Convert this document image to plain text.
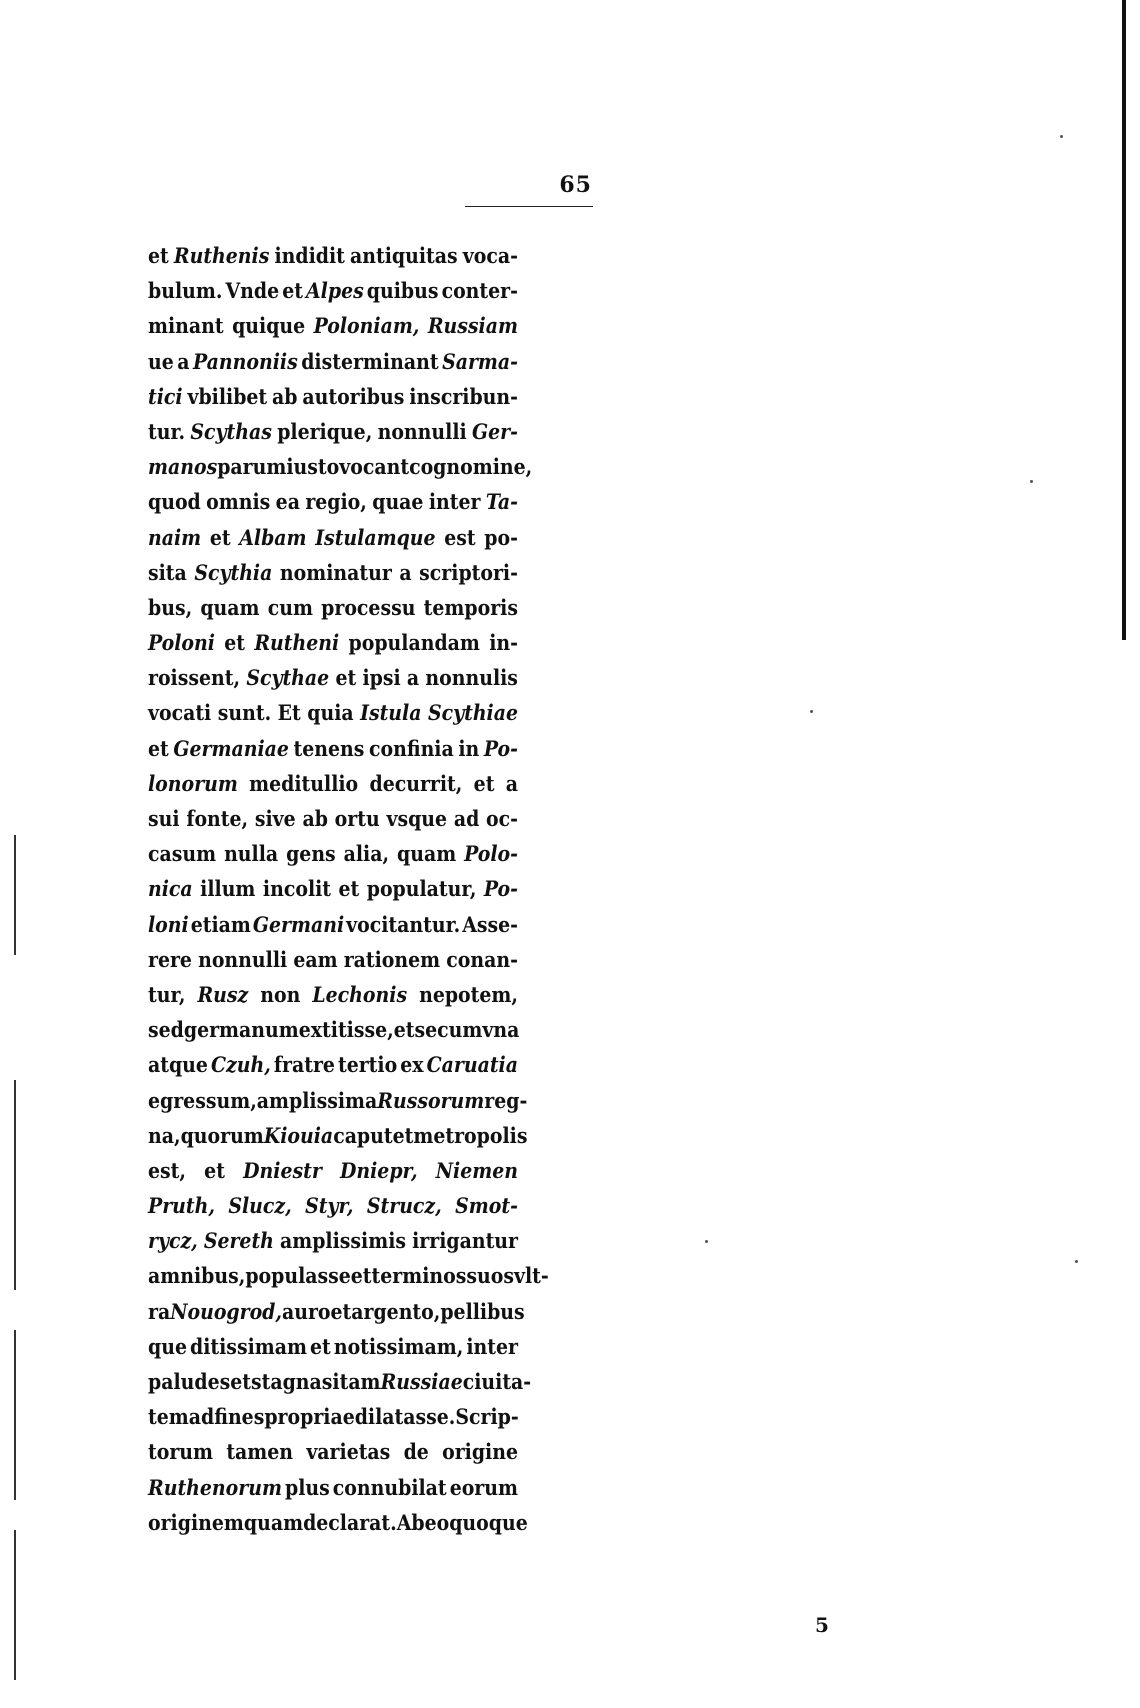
65
et Ruthenis indidit antiquitas voca-
bulum. Vnde et Alpes quibus conter-
minant quique Poloniam, Russiam
ue a Pannoniis disterminant Sarma-
tici vbilibet ab autoribus inscribun-
tur. Scythas plerique, nonnulli Ger-
manos parum iusto vocant cognomine,
quod omnis ea regio, quae inter Ta-
naim et Albam Istulamque est po-
sita Scythia nominatur a scriptori-
bus, quam cum processu temporis
Poloni et Rutheni populandam in-
roissent, Scythae et ipsi a nonnulis
vocati sunt. Et quia Istula Scythiae
et Germaniae tenens confinia in Po-
lonorum meditullio decurrit, et a
sui fonte, sive ab ortu vsque ad oc-
casum nulla gens alia, quam Polo-
nica illum incolit et populatur, Po-
loni etiam Germani vocitantur. Asse-
rere nonnulli eam rationem conan-
tur, Rusz non Lechonis nepotem,
sed germanum extitisse, et secum vna
atque Czuh, fratre tertio ex Caruatia
egressum, amplissima Russorum reg-
na, quorum Kiouia caput et metropolis
est, et Dniestr Dniepr, Niemen
Pruth, Slucz, Styr, Strucz, Smot-
rycz, Sereth amplissimis irrigantur
amnibus, populasse et terminos suos vlt-
ra Nouogrod, auro et argento, pellibus
que ditissimam et notissimam, inter
paludes et stagna sitam Russiae ciuita-
tem ad fines propriae dilatasse. Scrip-
torum tamen varietas de origine
Ruthenorum plus connubilat eorum
originem quam declarat. Ab eo quoque
5
